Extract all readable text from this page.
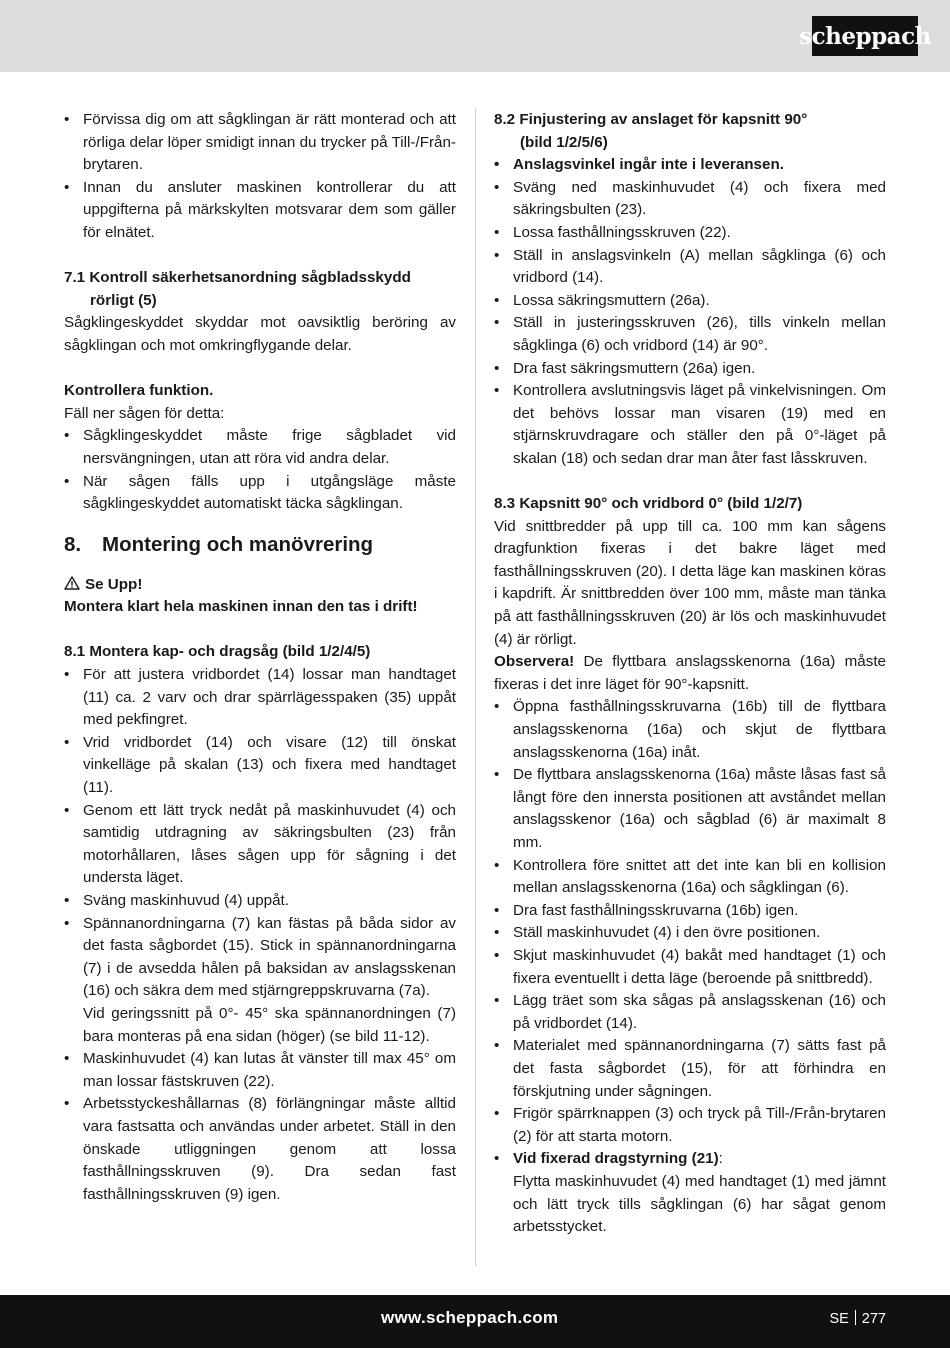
scheppach
• Förvissa dig om att sågklingan är rätt monterad och att rörliga delar löper smidigt innan du trycker på Till-/Från-brytaren.
• Innan du ansluter maskinen kontrollerar du att uppgifterna på märkskylten motsvarar dem som gäller för elnätet.
7.1 Kontroll säkerhetsanordning sågbladsskydd
rörligt (5)

Sågklingeskyddet skyddar mot oavsiktlig beröring av sågklingan och mot omkringflygande delar.

Kontrollera funktion.

Fäll ner sågen för detta:

• Sågklingeskyddet måste frige sågbladet vid nersvängningen, utan att röra vid andra delar.
• När sågen fälls upp i utgångsläge måste sågklingeskyddet automatiskt täcka sågklingan.
8. Montering och manövrering

Se Upp!

Montera klart hela maskinen innan den tas i drift!

8.1 Montera kap- och dragsåg (bild 1/2/4/5)

• För att justera vridbordet (14) lossar man handtaget (11) ca. 2 varv och drar spärrlägesspaken (35) uppåt med pekfingret.
• Vrid vridbordet (14) och visare (12) till önskat vinkelläge på skalan (13) och fixera med handtaget (11).
• Genom ett lätt tryck nedåt på maskinhuvudet (4) och samtidig utdragning av säkringsbulten (23) från motorhållaren, låses sågen upp för sågning i det understa läget.
• Sväng maskinhuvud (4) uppåt.
• Spännanordningarna (7) kan fästas på båda sidor av det fasta sågbordet (15). Stick in spännanordningarna (7) i de avsedda hålen på baksidan av anslagsskenan (16) och säkra dem med stjärngreppskruvarna (7a).
Vid geringssnitt på 0°- 45° ska spännanordningen (7) bara monteras på ena sidan (höger) (se bild 11-12).
• Maskinhuvudet (4) kan lutas åt vänster till max 45° om man lossar fästskruven (22).
• Arbetsstyckeshållarnas (8) förlängningar måste alltid vara fastsatta och användas under arbetet. Ställ in den önskade utliggningen genom att lossa fasthållningsskruven (9). Dra sedan fast fasthållningsskruven (9) igen.
8.2 Finjustering av anslaget för kapsnitt 90°
(bild 1/2/5/6)
• Anslagsvinkel ingår inte i leveransen.
• Sväng ned maskinhuvudet (4) och fixera med säkringsbulten (23).
• Lossa fasthållningsskruven (22).
• Ställ in anslagsvinkeln (A) mellan sågklinga (6) och vridbord (14).
• Lossa säkringsmuttern (26a).
• Ställ in justeringsskruven (26), tills vinkeln mellan sågklinga (6) och vridbord (14) är 90°.
• Dra fast säkringsmuttern (26a) igen.
• Kontrollera avslutningsvis läget på vinkelvisningen. Om det behövs lossar man visaren (19) med en stjärnskruvdragare och ställer den på 0°-läget på skalan (18) och sedan drar man åter fast låsskruven.

8.3 Kapsnitt 90° och vridbord 0° (bild 1/2/7)

Vid snittbredder på upp till ca. 100 mm kan sågens dragfunktion fixeras i det bakre läget med fasthållningsskruven (20). I detta läge kan maskinen köras i kapdrift. Är snittbredden över 100 mm, måste man tänka på att fasthållningsskruven (20) är lös och maskinhuvudet (4) är rörligt.

Observera! De flyttbara anslagsskenorna (16a) måste fixeras i det inre läget för 90°-kapsnitt.

• Öppna fasthållningsskruvarna (16b) till de flyttbara anslagsskenorna (16a) och skjut de flyttbara anslagsskenorna (16a) inåt.
• De flyttbara anslagsskenorna (16a) måste låsas fast så långt före den innersta positionen att avståndet mellan anslagsskenor (16a) och sågblad (6) är maximalt 8 mm.
• Kontrollera före snittet att det inte kan bli en kollision mellan anslagsskenorna (16a) och sågklingan (6).
• Dra fast fasthållningsskruvarna (16b) igen.
• Ställ maskinhuvudet (4) i den övre positionen.
• Skjut maskinhuvudet (4) bakåt med handtaget (1) och fixera eventuellt i detta läge (beroende på snittbredd).
• Lägg träet som ska sågas på anslagsskenan (16) och på vridbordet (14).
• Materialet med spännanordningarna (7) sätts fast på det fasta sågbordet (15), för att förhindra en förskjutning under sågningen.
• Frigör spärrknappen (3) och tryck på Till-/Från-brytaren (2) för att starta motorn.
• Vid fixerad dragstyrning (21):
Flytta maskinhuvudet (4) med handtaget (1) med jämnt och lätt tryck tills sågklingan (6) har sågat genom arbetsstycket.
www.scheppach.com	SE 277
